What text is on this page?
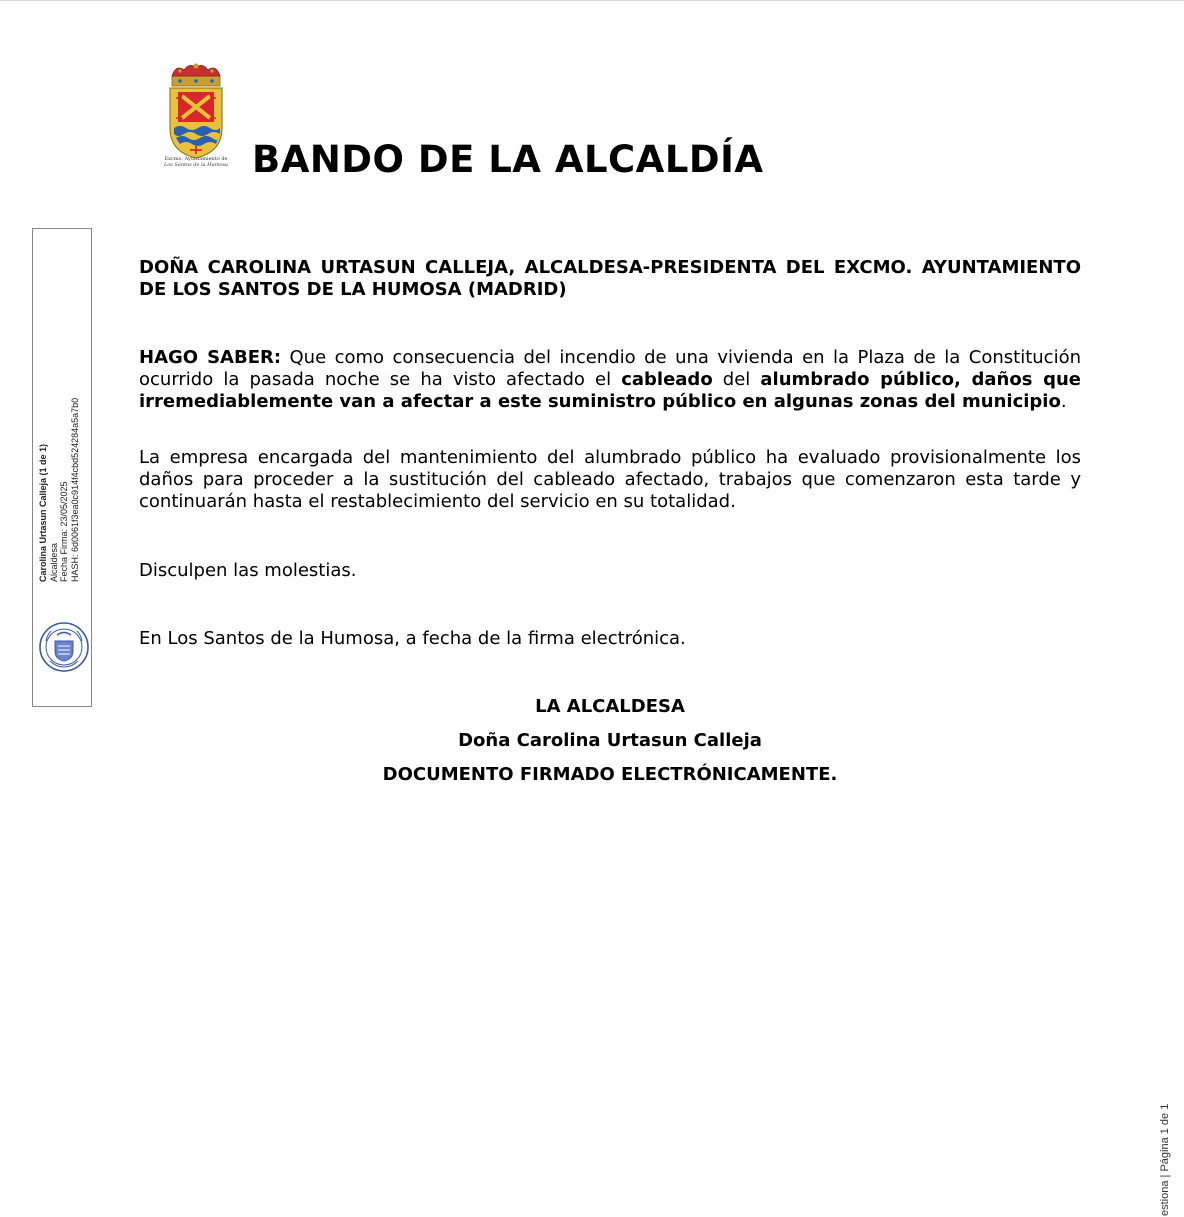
Excmo. Ayuntamiento de
Los Santos de la Humosa BANDO DE LA ALCALDÍA
Carolina Urtasun Calleja (1 de 1) Alcaldesa Fecha Firma: 23/05/2025 HASH: 6d0061f3ea0c914f4cbd524284a5a7b0

DOÑA CAROLINA URTASUN CALLEJA, ALCALDESA-PRESIDENTA DEL EXCMO. AYUNTAMIENTO DE LOS SANTOS DE LA HUMOSA (MADRID)

HAGO SABER: Que como consecuencia del incendio de una vivienda en la Plaza de la Constitución ocurrido la pasada noche se ha visto afectado el cableado del alumbrado público, daños que irremediablemente van a afectar a este suministro público en algunas zonas del municipio.

La empresa encargada del mantenimiento del alumbrado público ha evaluado provisionalmente los daños para proceder a la sustitución del cableado afectado, trabajos que comenzaron esta tarde y continuarán hasta el restablecimiento del servicio en su totalidad.

Disculpen las molestias.

En Los Santos de la Humosa, a fecha de la firma electrónica.

LA ALCALDESA
Doña Carolina Urtasun Calleja
DOCUMENTO FIRMADO ELECTRÓNICAMENTE.
estiona | Página 1 de 1
